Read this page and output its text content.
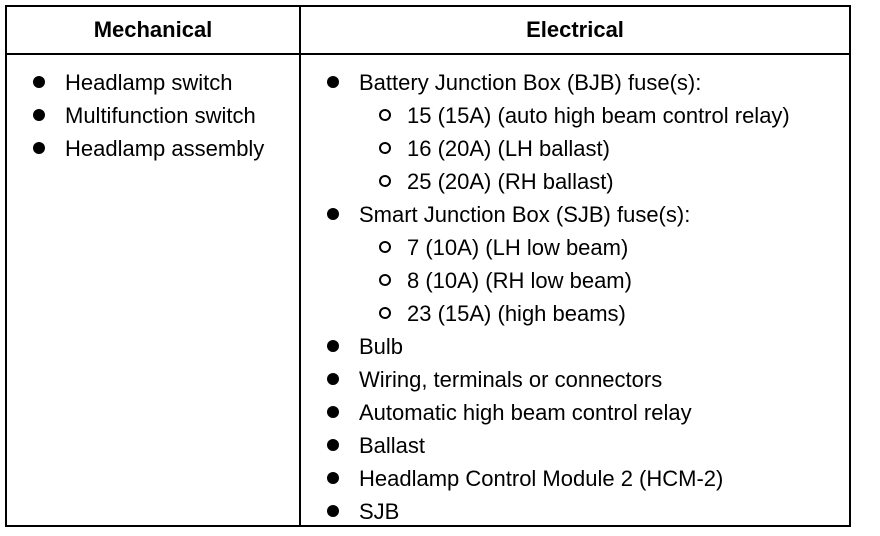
Mechanical	Electrical
Headlamp switch
Multifunction switch
Headlamp assembly
Battery Junction Box (BJB) fuse(s):
15 (15A) (auto high beam control relay)
16 (20A) (LH ballast)
25 (20A) (RH ballast)
Smart Junction Box (SJB) fuse(s):
7 (10A) (LH low beam)
8 (10A) (RH low beam)
23 (15A) (high beams)
Bulb
Wiring, terminals or connectors
Automatic high beam control relay
Ballast
Headlamp Control Module 2 (HCM-2)
SJB
